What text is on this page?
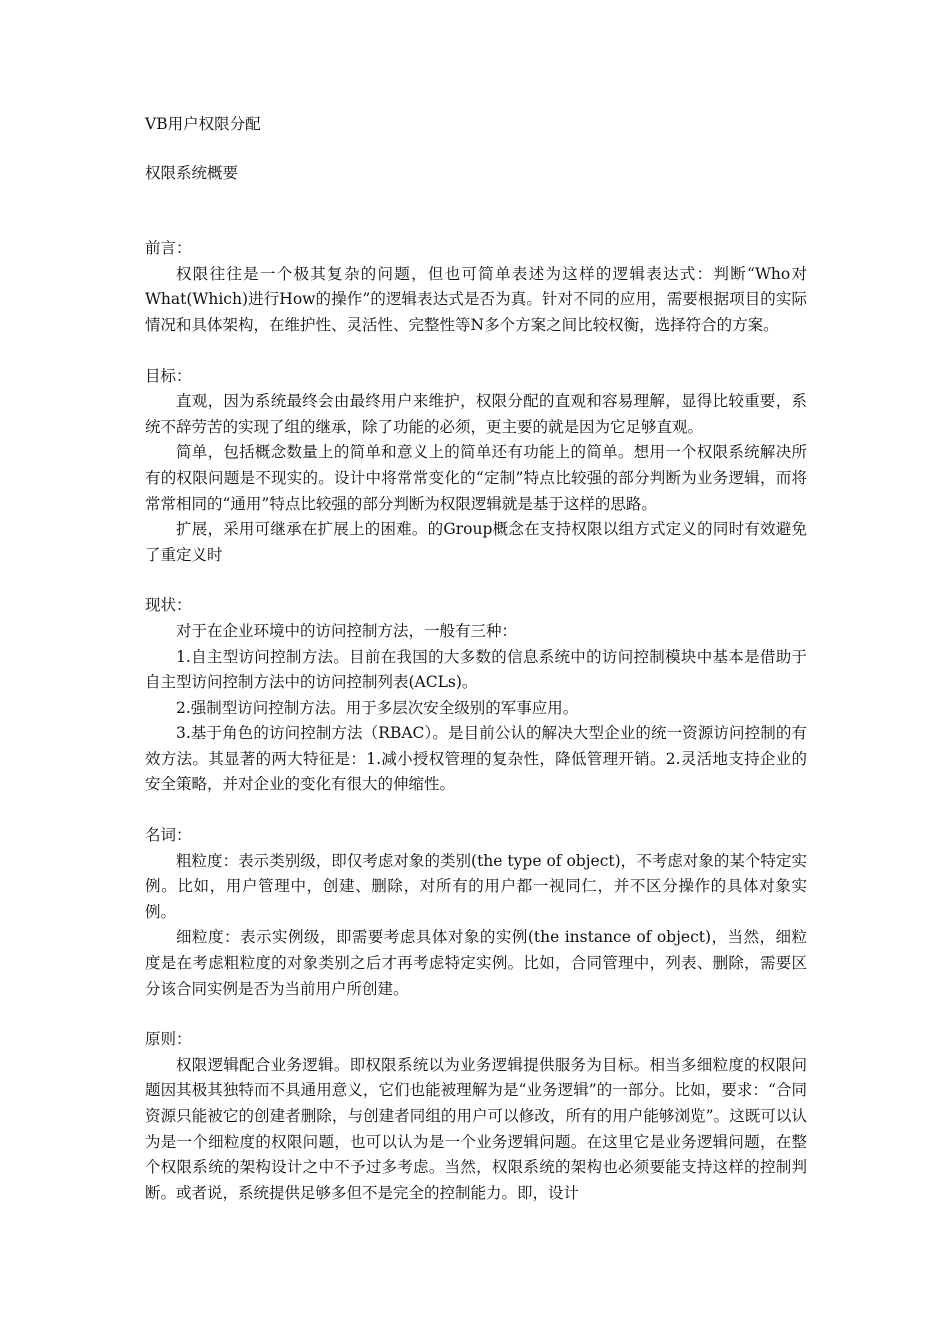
VB用户权限分配
权限系统概要

前言：

权限往往是一个极其复杂的问题，但也可简单表述为这样的逻辑表达式：判断“Who对What(Which)进行How的操作”的逻辑表达式是否为真。针对不同的应用，需要根据项目的实际情况和具体架构，在维护性、灵活性、完整性等N多个方案之间比较权衡，选择符合的方案。

目标：

直观，因为系统最终会由最终用户来维护，权限分配的直观和容易理解，显得比较重要，系统不辞劳苦的实现了组的继承，除了功能的必须，更主要的就是因为它足够直观。

简单，包括概念数量上的简单和意义上的简单还有功能上的简单。想用一个权限系统解决所有的权限问题是不现实的。设计中将常常变化的“定制”特点比较强的部分判断为业务逻辑，而将常常相同的“通用”特点比较强的部分判断为权限逻辑就是基于这样的思路。

扩展，采用可继承在扩展上的困难。的Group概念在支持权限以组方式定义的同时有效避免了重定义时

现状：

对于在企业环境中的访问控制方法，一般有三种：

1.自主型访问控制方法。目前在我国的大多数的信息系统中的访问控制模块中基本是借助于自主型访问控制方法中的访问控制列表(ACLs)。

2.强制型访问控制方法。用于多层次安全级别的军事应用。

3.基于角色的访问控制方法（RBAC）。是目前公认的解决大型企业的统一资源访问控制的有效方法。其显著的两大特征是：1.减小授权管理的复杂性，降低管理开销。2.灵活地支持企业的安全策略，并对企业的变化有很大的伸缩性。

名词：

粗粒度：表示类别级，即仅考虑对象的类别(the type of object)，不考虑对象的某个特定实例。比如，用户管理中，创建、删除，对所有的用户都一视同仁，并不区分操作的具体对象实例。

细粒度：表示实例级，即需要考虑具体对象的实例(the instance of object)，当然，细粒度是在考虑粗粒度的对象类别之后才再考虑特定实例。比如，合同管理中，列表、删除，需要区分该合同实例是否为当前用户所创建。

原则：

权限逻辑配合业务逻辑。即权限系统以为业务逻辑提供服务为目标。相当多细粒度的权限问题因其极其独特而不具通用意义，它们也能被理解为是“业务逻辑”的一部分。比如，要求：“合同资源只能被它的创建者删除，与创建者同组的用户可以修改，所有的用户能够浏览”。这既可以认为是一个细粒度的权限问题，也可以认为是一个业务逻辑问题。在这里它是业务逻辑问题，在整个权限系统的架构设计之中不予过多考虑。当然，权限系统的架构也必须要能支持这样的控制判断。或者说，系统提供足够多但不是完全的控制能力。即，设计
